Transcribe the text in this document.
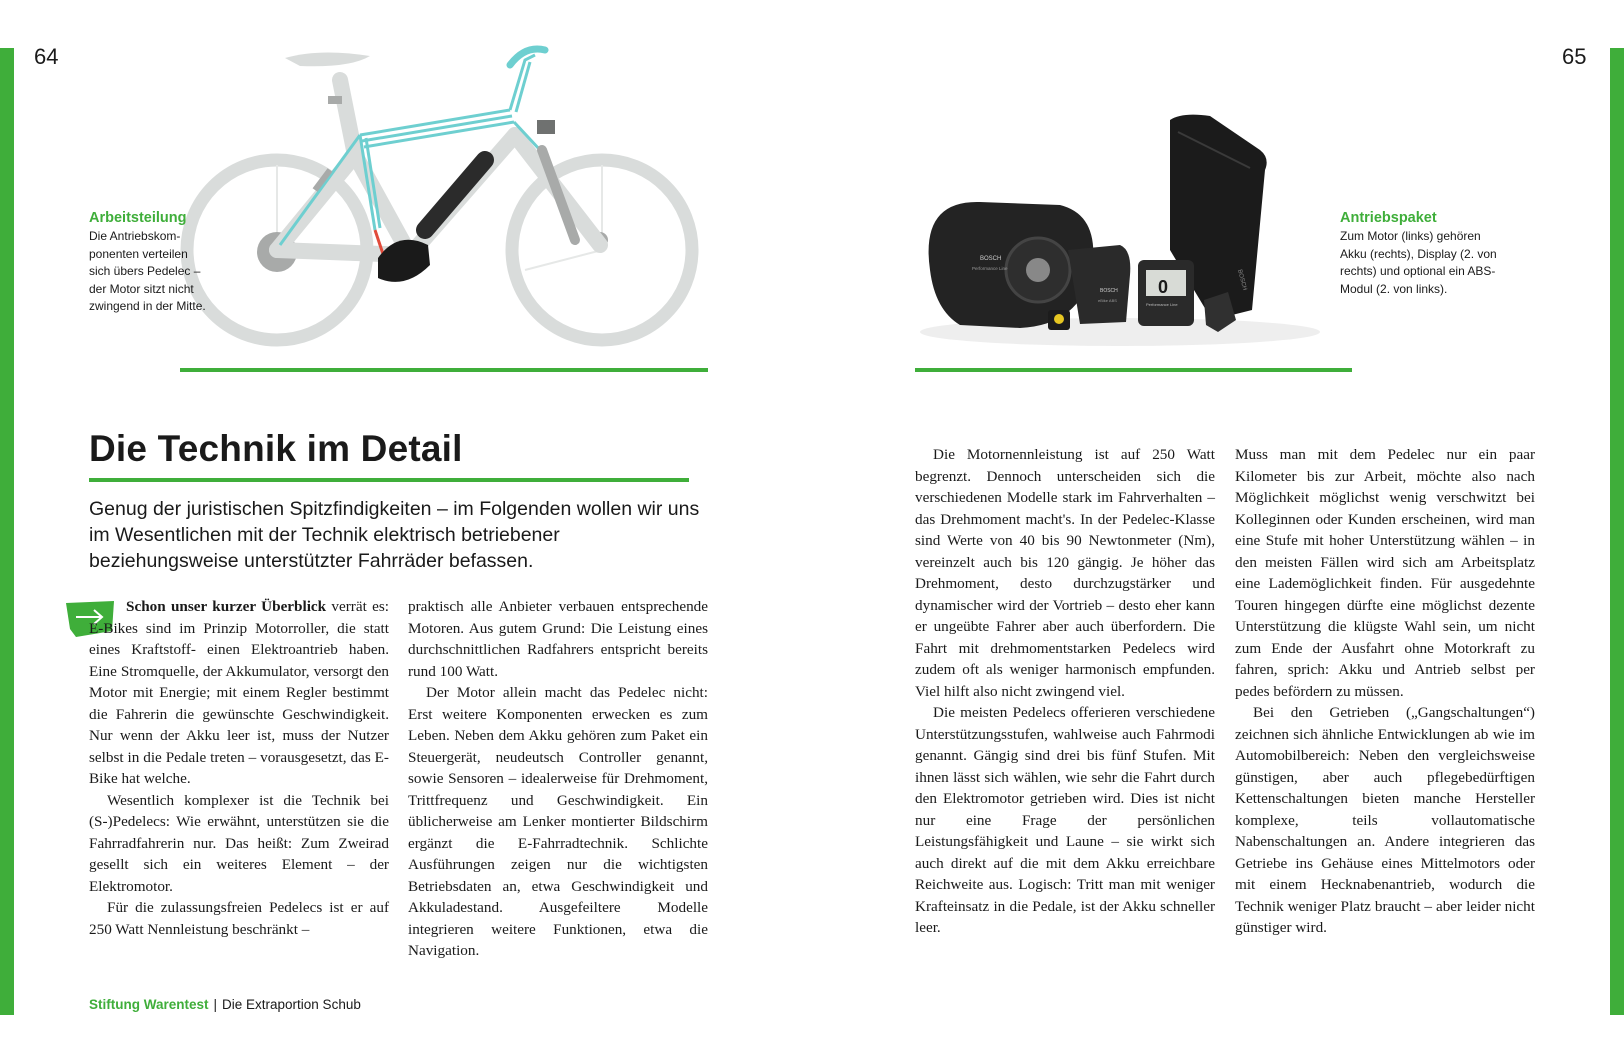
64	65
Arbeitsteilung
Die Antriebskom-
ponenten verteilen
sich übers Pedelec –
der Motor sitzt nicht
zwingend in der Mitte.
BOSCH
BOSCH
Performance Line
BOSCH
eBike ABS
0
Performance Line
Antriebspaket
Zum Motor (links) gehören
Akku (rechts), Display (2. von
rechts) und optional ein ABS-
Modul (2. von links).
Die Technik im Detail
Genug der juristischen Spitzfindigkeiten – im Folgenden wollen wir uns im Wesentlichen mit der Technik elektrisch betriebener beziehungsweise unterstützter Fahrräder befassen.

Schon unser kurzer Überblick verrät es: E-Bikes sind im Prinzip Motorroller, die statt eines Kraftstoff- einen Elektroantrieb haben. Eine Stromquelle, der Akkumulator, versorgt den Motor mit Energie; mit einem Regler bestimmt die Fahrerin die gewünschte Geschwindigkeit. Nur wenn der Akku leer ist, muss der Nutzer selbst in die Pedale treten – vorausgesetzt, das E-Bike hat welche.

Wesentlich komplexer ist die Technik bei (S-)Pedelecs: Wie erwähnt, unterstützen sie die Fahrradfahrerin nur. Das heißt: Zum Zweirad gesellt sich ein weiteres Element – der Elektromotor.

Für die zulassungsfreien Pedelecs ist er auf 250 Watt Nennleistung beschränkt –

praktisch alle Anbieter verbauen entsprechende Motoren. Aus gutem Grund: Die Leistung eines durchschnittlichen Radfahrers entspricht bereits rund 100 Watt.

Der Motor allein macht das Pedelec nicht: Erst weitere Komponenten erwecken es zum Leben. Neben dem Akku gehören zum Paket ein Steuergerät, neudeutsch Controller genannt, sowie Sensoren – idealerweise für Drehmoment, Trittfrequenz und Geschwindigkeit. Ein üblicherweise am Lenker montierter Bildschirm ergänzt die E-Fahrradtechnik. Schlichte Ausführungen zeigen nur die wichtigsten Betriebsdaten an, etwa Geschwindigkeit und Akkuladestand. Ausgefeiltere Modelle integrieren weitere Funktionen, etwa die Navigation.

Die Motornennleistung ist auf 250 Watt begrenzt. Dennoch unterscheiden sich die verschiedenen Modelle stark im Fahrverhalten – das Drehmoment macht's. In der Pedelec-Klasse sind Werte von 40 bis 90 Newtonmeter (Nm), vereinzelt auch bis 120 gängig. Je höher das Drehmoment, desto durchzugstärker und dynamischer wird der Vortrieb – desto eher kann er ungeübte Fahrer aber auch überfordern. Die Fahrt mit drehmomentstarken Pedelecs wird zudem oft als weniger harmonisch empfunden. Viel hilft also nicht zwingend viel.

Die meisten Pedelecs offerieren verschiedene Unterstützungsstufen, wahlweise auch Fahrmodi genannt. Gängig sind drei bis fünf Stufen. Mit ihnen lässt sich wählen, wie sehr die Fahrt durch den Elektromotor getrieben wird. Dies ist nicht nur eine Frage der persönlichen Leistungsfähigkeit und Laune – sie wirkt sich auch direkt auf die mit dem Akku erreichbare Reichweite aus. Logisch: Tritt man mit weniger Krafteinsatz in die Pedale, ist der Akku schneller leer.

Muss man mit dem Pedelec nur ein paar Kilometer bis zur Arbeit, möchte also nach Möglichkeit möglichst wenig verschwitzt bei Kolleginnen oder Kunden erscheinen, wird man eine Stufe mit hoher Unterstützung wählen – in den meisten Fällen wird sich am Arbeitsplatz eine Lademöglichkeit finden. Für ausgedehnte Touren hingegen dürfte eine möglichst dezente Unterstützung die klügste Wahl sein, um nicht zum Ende der Ausfahrt ohne Motorkraft zu fahren, sprich: Akku und Antrieb selbst per pedes befördern zu müssen.

Bei den Getrieben („Gangschaltungen“) zeichnen sich ähnliche Entwicklungen ab wie im Automobilbereich: Neben den vergleichsweise günstigen, aber auch pflegebedürftigen Kettenschaltungen bieten manche Hersteller komplexe, teils vollautomatische Nabenschaltungen an. Andere integrieren das Getriebe ins Gehäuse eines Mittelmotors oder mit einem Hecknabenantrieb, wodurch die Technik weniger Platz braucht – aber leider nicht günstiger wird.

Stiftung Warentest | Die Extraportion Schub
